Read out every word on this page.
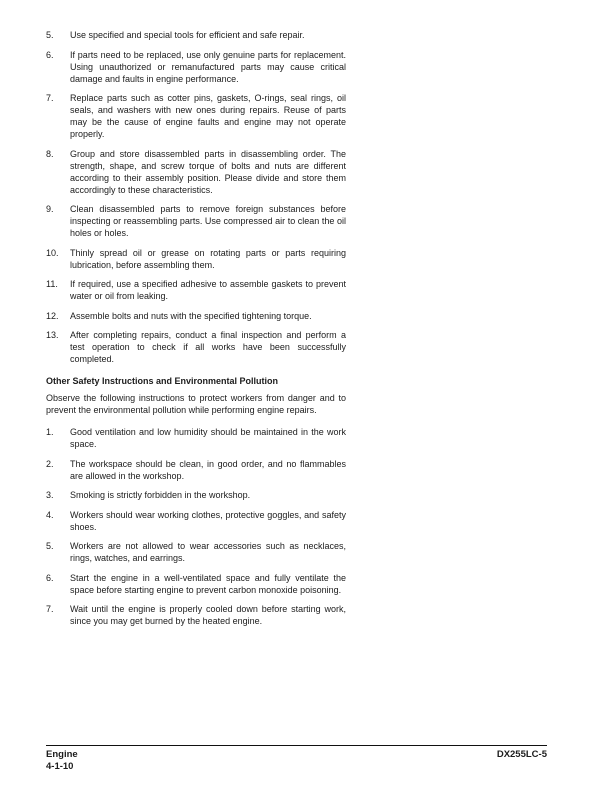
5.	Use specified and special tools for efficient and safe repair.
6.	If parts need to be replaced, use only genuine parts for replacement. Using unauthorized or remanufactured parts may cause critical damage and faults in engine performance.
7.	Replace parts such as cotter pins, gaskets, O-rings, seal rings, oil seals, and washers with new ones during repairs. Reuse of parts may be the cause of engine faults and engine may not operate properly.
8.	Group and store disassembled parts in disassembling order. The strength, shape, and screw torque of bolts and nuts are different according to their assembly position. Please divide and store them accordingly to these characteristics.
9.	Clean disassembled parts to remove foreign substances before inspecting or reassembling parts. Use compressed air to clean the oil holes or holes.
10.	Thinly spread oil or grease on rotating parts or parts requiring lubrication, before assembling them.
11.	If required, use a specified adhesive to assemble gaskets to prevent water or oil from leaking.
12.	Assemble bolts and nuts with the specified tightening torque.
13.	After completing repairs, conduct a final inspection and perform a test operation to check if all works have been successfully completed.
Other Safety Instructions and Environmental Pollution

Observe the following instructions to protect workers from danger and to prevent the environmental pollution while performing engine repairs.

1.	Good ventilation and low humidity should be maintained in the work space.
2.	The workspace should be clean, in good order, and no flammables are allowed in the workshop.
3.	Smoking is strictly forbidden in the workshop.
4.	Workers should wear working clothes, protective goggles, and safety shoes.
5.	Workers are not allowed to wear accessories such as necklaces, rings, watches, and earrings.
6.	Start the engine in a well-ventilated space and fully ventilate the space before starting engine to prevent carbon monoxide poisoning.
7.	Wait until the engine is properly cooled down before starting work, since you may get burned by the heated engine.
Engine
4-1-10
DX255LC-5
